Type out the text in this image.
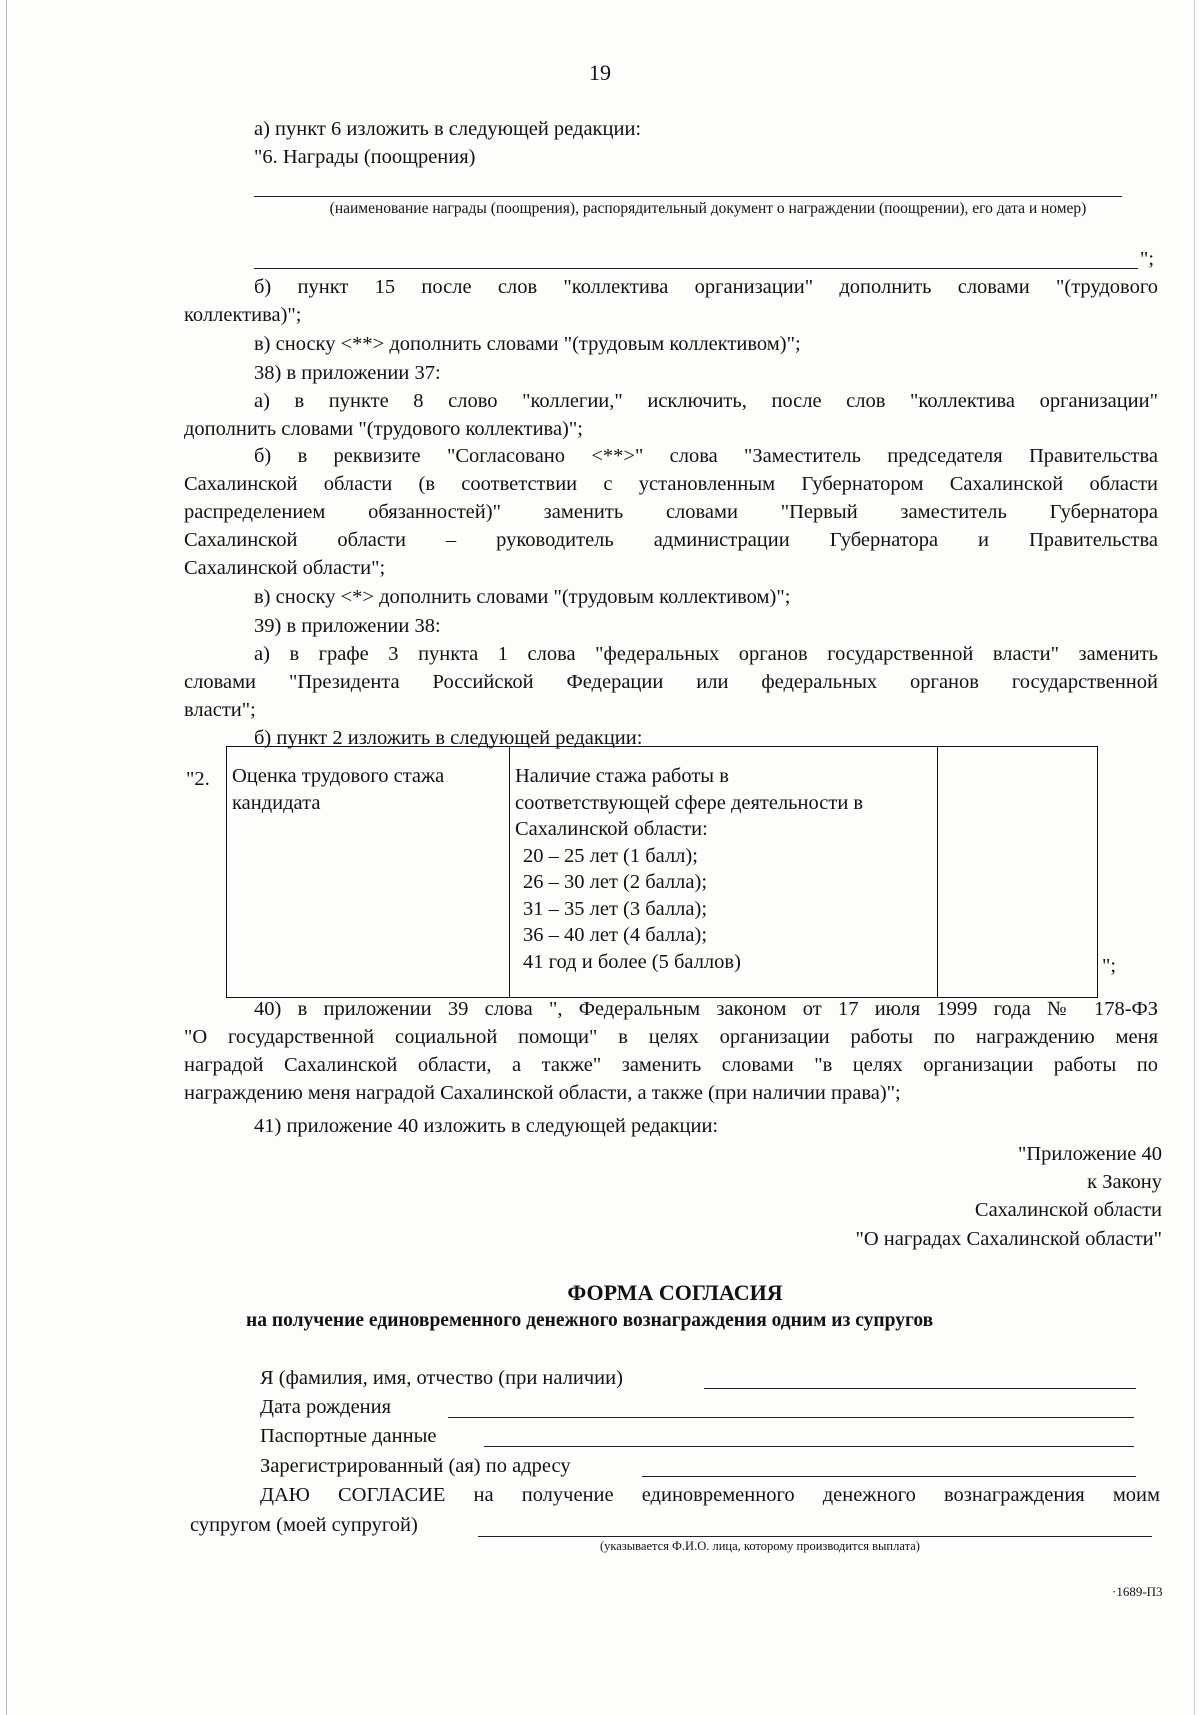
19
а) пункт 6 изложить в следующей редакции:
"6. Награды (поощрения)
(наименование награды (поощрения), распорядительный документ о награждении (поощрении), его дата и номер)
";
б) пункт 15 после слов "коллектива организации" дополнить словами "(трудового
коллектива)";
в) сноску <**> дополнить словами "(трудовым коллективом)";
38) в приложении 37:
а) в пункте 8 слово "коллегии," исключить, после слов "коллектива организации"
дополнить словами "(трудового коллектива)";
б) в реквизите "Согласовано <**>" слова "Заместитель председателя Правительства
Сахалинской области (в соответствии с установленным Губернатором Сахалинской области
распределением обязанностей)" заменить словами "Первый заместитель Губернатора
Сахалинской области – руководитель администрации Губернатора и Правительства
Сахалинской области";
в) сноску <*> дополнить словами "(трудовым коллективом)";
39) в приложении 38:
а) в графе 3 пункта 1 слова "федеральных органов государственной власти" заменить
словами "Президента Российской Федерации или федеральных органов государственной
власти";
б) пункт 2 изложить в следующей редакции:
"2. Оценка трудового стажа кандидата	
Наличие стажа работы в
соответствующей сфере деятельности в
Сахалинской области:
20 – 25 лет (1 балл);
26 – 30 лет (2 балла);
31 – 35 лет (3 балла);
36 – 40 лет (4 балла);
41 год и более (5 баллов)
		";
40) в приложении 39 слова ", Федеральным законом от 17 июля 1999 года № 178-ФЗ
"О государственной социальной помощи" в целях организации работы по награждению меня
наградой Сахалинской области, а также" заменить словами "в целях организации работы по
награждению меня наградой Сахалинской области, а также (при наличии права)";
41) приложение 40 изложить в следующей редакции:
"Приложение 40
к Закону
Сахалинской области
"О наградах Сахалинской области"
ФОРМА СОГЛАСИЯ
на получение единовременного денежного вознаграждения одним из супругов
Я (фамилия, имя, отчество (при наличии)
Дата рождения
Паспортные данные
Зарегистрированный (ая) по адресу
ДАЮ СОГЛАСИЕ на получение единовременного денежного вознаграждения моим
супругом (моей супругой)
(указывается Ф.И.О. лица, которому производится выплата)
·1689-П3
